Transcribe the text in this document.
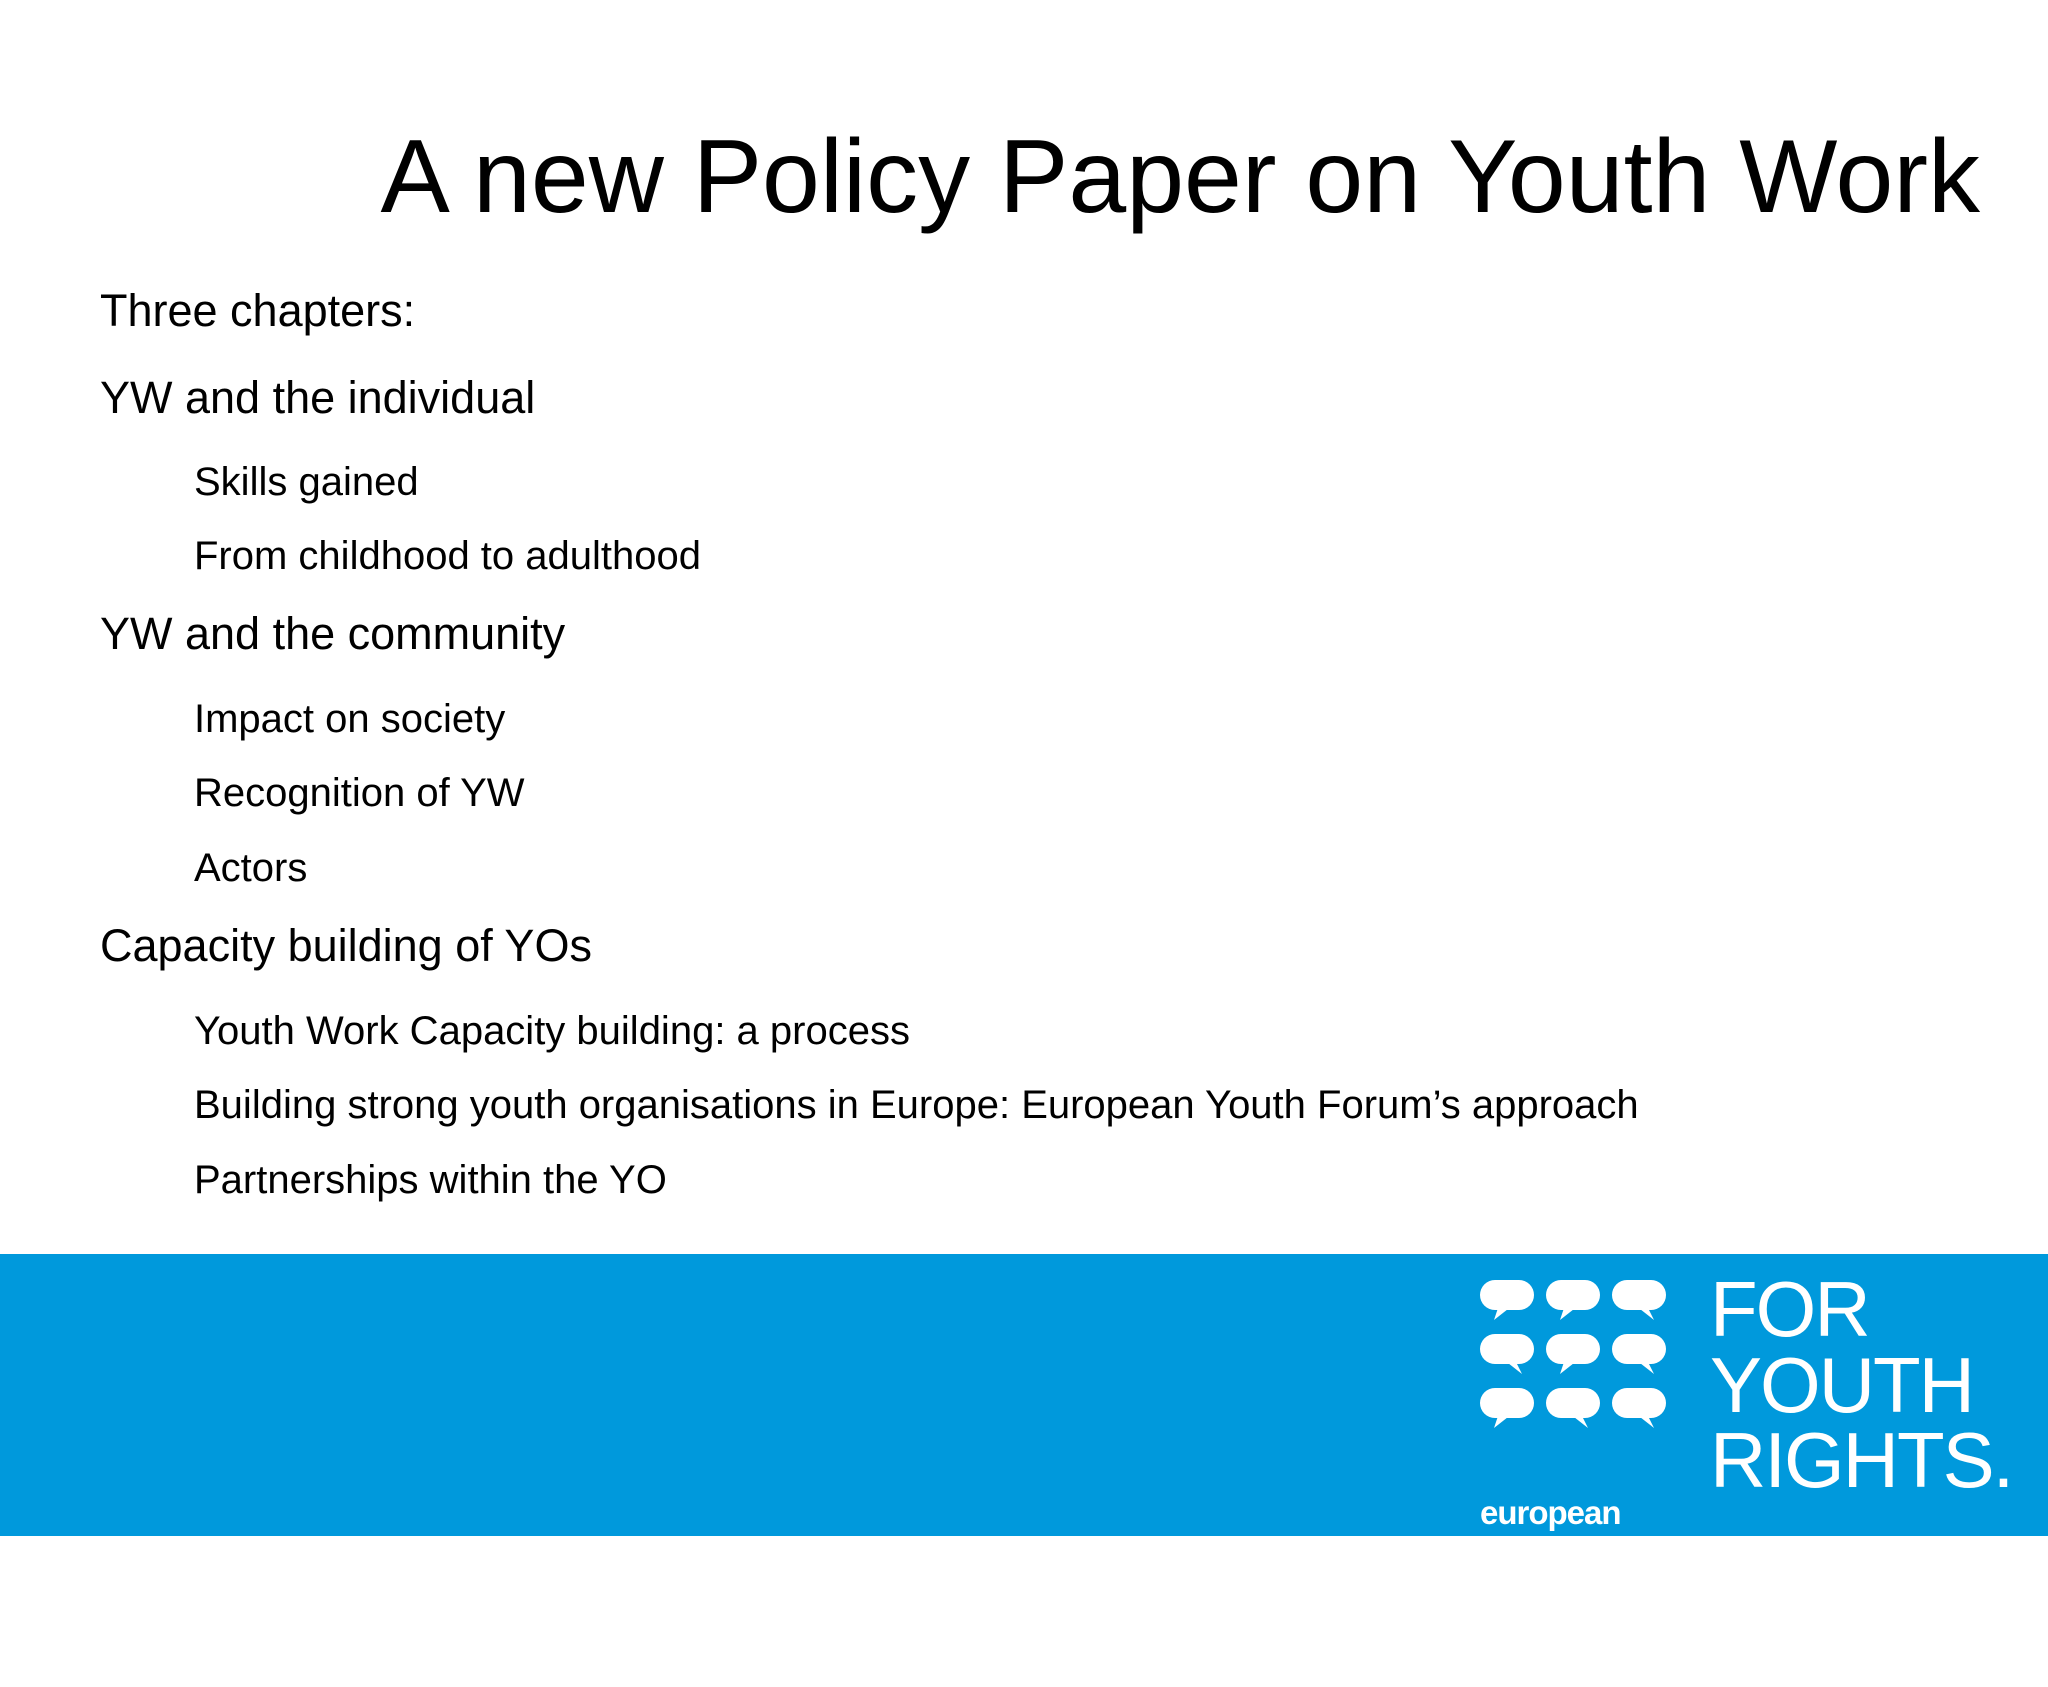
A new Policy Paper on Youth Work
Three chapters:
YW and the individual
Skills gained
From childhood to adulthood
YW and the community
Impact on society
Recognition of YW
Actors
Capacity building of YOs
Youth Work Capacity building: a process
Building strong youth organisations in Europe: European Youth Forum’s approach
Partnerships within the YO

european

youth forum

FOR
YOUTH
RIGHTS.
